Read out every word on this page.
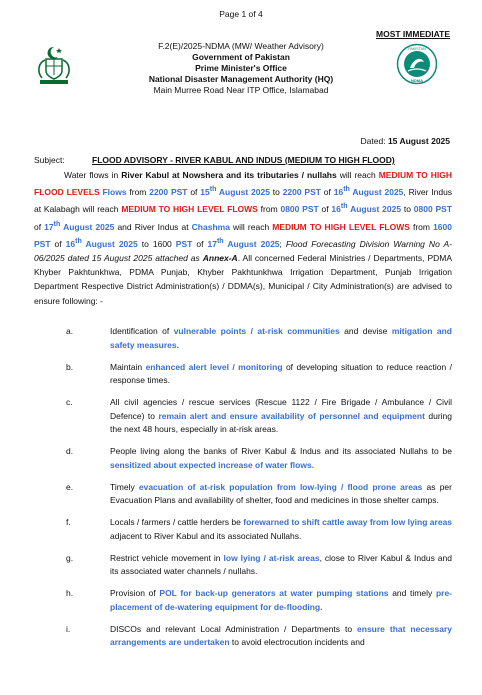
Page 1 of 4
MOST IMMEDIATE
PAKISTAN
NDMA
F.2(E)/2025-NDMA (MW/ Weather Advisory)
Government of Pakistan
Prime Minister's Office
National Disaster Management Authority (HQ)
Main Murree Road Near ITP Office, Islamabad
Dated: 15 August 2025
Subject:	FLOOD ADVISORY - RIVER KABUL AND INDUS (MEDIUM TO HIGH FLOOD)

Water flows in River Kabul at Nowshera and its tributaries / nullahs will reach MEDIUM TO HIGH FLOOD LEVELS Flows from 2200 PST of 15th August 2025 to 2200 PST of 16th August 2025, River Indus at Kalabagh will reach MEDIUM TO HIGH LEVEL FLOWS from 0800 PST of 16th August 2025 to 0800 PST of 17th August 2025 and River Indus at Chashma will reach MEDIUM TO HIGH LEVEL FLOWS from 1600 PST of 16th August 2025 to 1600 PST of 17th August 2025; Flood Forecasting Division Warning No A-06/2025 dated 15 August 2025 attached as Annex-A. All concerned Federal Ministries / Departments, PDMA Khyber Pakhtunkhwa, PDMA Punjab, Khyber Pakhtunkhwa Irrigation Department, Punjab Irrigation Department Respective District Administration(s) / DDMA(s), Municipal / City Administration(s) are advised to ensure following: -

a.	Identification of vulnerable points / at-risk communities and devise mitigation and safety measures.
b.	Maintain enhanced alert level / monitoring of developing situation to reduce reaction / response times.
c.	All civil agencies / rescue services (Rescue 1122 / Fire Brigade / Ambulance / Civil Defence) to remain alert and ensure availability of personnel and equipment during the next 48 hours, especially in at-risk areas.
d.	People living along the banks of River Kabul & Indus and its associated Nullahs to be sensitized about expected increase of water flows.
e.	Timely evacuation of at-risk population from low-lying / flood prone areas as per Evacuation Plans and availability of shelter, food and medicines in those shelter camps.
f.	Locals / farmers / cattle herders be forewarned to shift cattle away from low lying areas adjacent to River Kabul and its associated Nullahs.
g.	Restrict vehicle movement in low lying / at-risk areas, close to River Kabul & Indus and its associated water channels / nullahs.
h.	Provision of POL for back-up generators at water pumping stations and timely pre-placement of de-watering equipment for de-flooding.
i.	DISCOs and relevant Local Administration / Departments to ensure that necessary arrangements are undertaken to avoid electrocution incidents and
